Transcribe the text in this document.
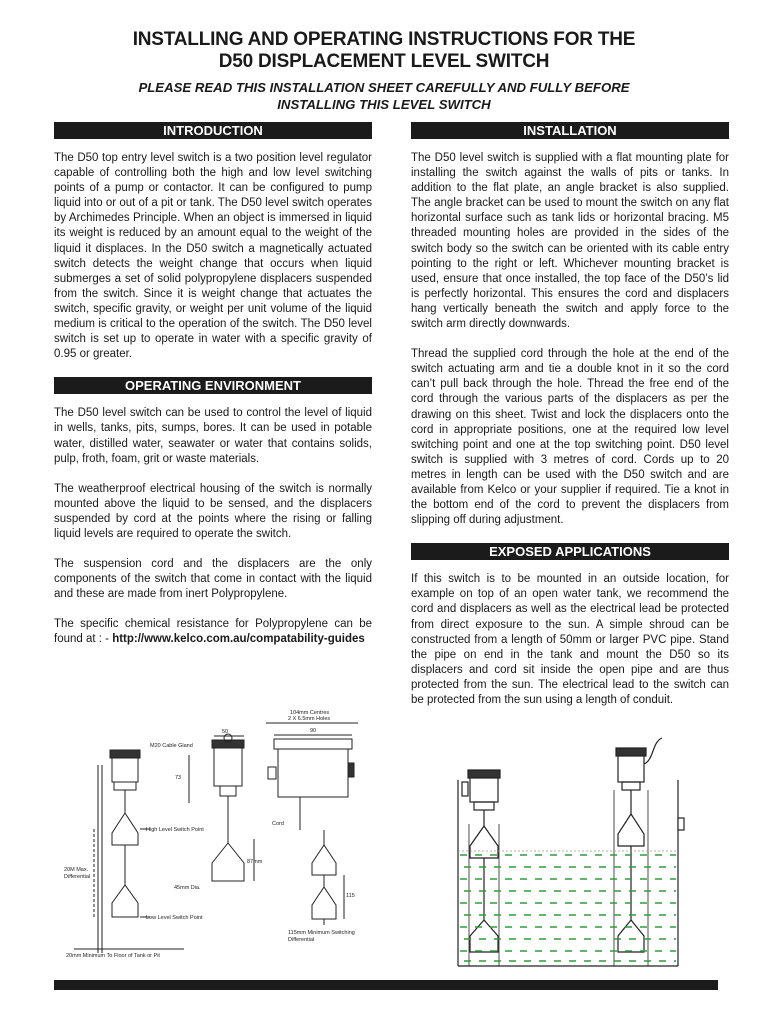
INSTALLING AND OPERATING INSTRUCTIONS FOR THE
D50 DISPLACEMENT LEVEL SWITCH
PLEASE READ THIS INSTALLATION SHEET CAREFULLY AND FULLY BEFORE
INSTALLING THIS LEVEL SWITCH
INTRODUCTION
The D50 top entry level switch is a two position level regulator capable of controlling both the high and low level switching points of a pump or contactor. It can be configured to pump liquid into or out of a pit or tank. The D50 level switch operates by Archimedes Principle. When an object is immersed in liquid its weight is reduced by an amount equal to the weight of the liquid it displaces. In the D50 switch a magnetically actuated switch detects the weight change that occurs when liquid submerges a set of solid polypropylene displacers suspended from the switch. Since it is weight change that actuates the switch, specific gravity, or weight per unit volume of the liquid medium is critical to the operation of the switch. The D50 level switch is set up to operate in water with a specific gravity of 0.95 or greater.
OPERATING ENVIRONMENT
The D50 level switch can be used to control the level of liquid in wells, tanks, pits, sumps, bores. It can be used in potable water, distilled water, seawater or water that contains solids, pulp, froth, foam, grit or waste materials.
The weatherproof electrical housing of the switch is normally mounted above the liquid to be sensed, and the displacers suspended by cord at the points where the rising or falling liquid levels are required to operate the switch.
The suspension cord and the displacers are the only components of the switch that come in contact with the liquid and these are made from inert Polypropylene.
The specific chemical resistance for Polypropylene can be found at : - http://www.kelco.com.au/compatability-guides
INSTALLATION
The D50 level switch is supplied with a flat mounting plate for installing the switch against the walls of pits or tanks. In addition to the flat plate, an angle bracket is also supplied. The angle bracket can be used to mount the switch on any flat horizontal surface such as tank lids or horizontal bracing. M5 threaded mounting holes are provided in the sides of the switch body so the switch can be oriented with its cable entry pointing to the right or left. Whichever mounting bracket is used, ensure that once installed, the top face of the D50’s lid is perfectly horizontal. This ensures the cord and displacers hang vertically beneath the switch and apply force to the switch arm directly downwards.
Thread the supplied cord through the hole at the end of the switch actuating arm and tie a double knot in it so the cord can’t pull back through the hole. Thread the free end of the cord through the various parts of the displacers as per the drawing on this sheet. Twist and lock the displacers onto the cord in appropriate positions, one at the required low level switching point and one at the top switching point. D50 level switch is supplied with 3 metres of cord. Cords up to 20 metres in length can be used with the D50 switch and are available from Kelco or your supplier if required. Tie a knot in the bottom end of the cord to prevent the displacers from slipping off during adjustment.
EXPOSED APPLICATIONS
If this switch is to be mounted in an outside location, for example on top of an open water tank, we recommend the cord and displacers as well as the electrical lead be protected from direct exposure to the sun. A simple shroud can be constructed from a length of 50mm or larger PVC pipe. Stand the pipe on end in the tank and mount the D50 so its displacers and cord sit inside the open pipe and are thus protected from the sun. The electrical lead to the switch can be protected from the sun using a length of conduit.
M20 Cable Gland
50
73
104mm Centres
2 X 6.5mm Holes
90
Cord
High Level Switch Point
20M Max.
Differential
87mm
45mm Dia.
115
Low Level Switch Point
115mm Minimum Switching
Differential
20mm Minimum To Floor of Tank or Pit
